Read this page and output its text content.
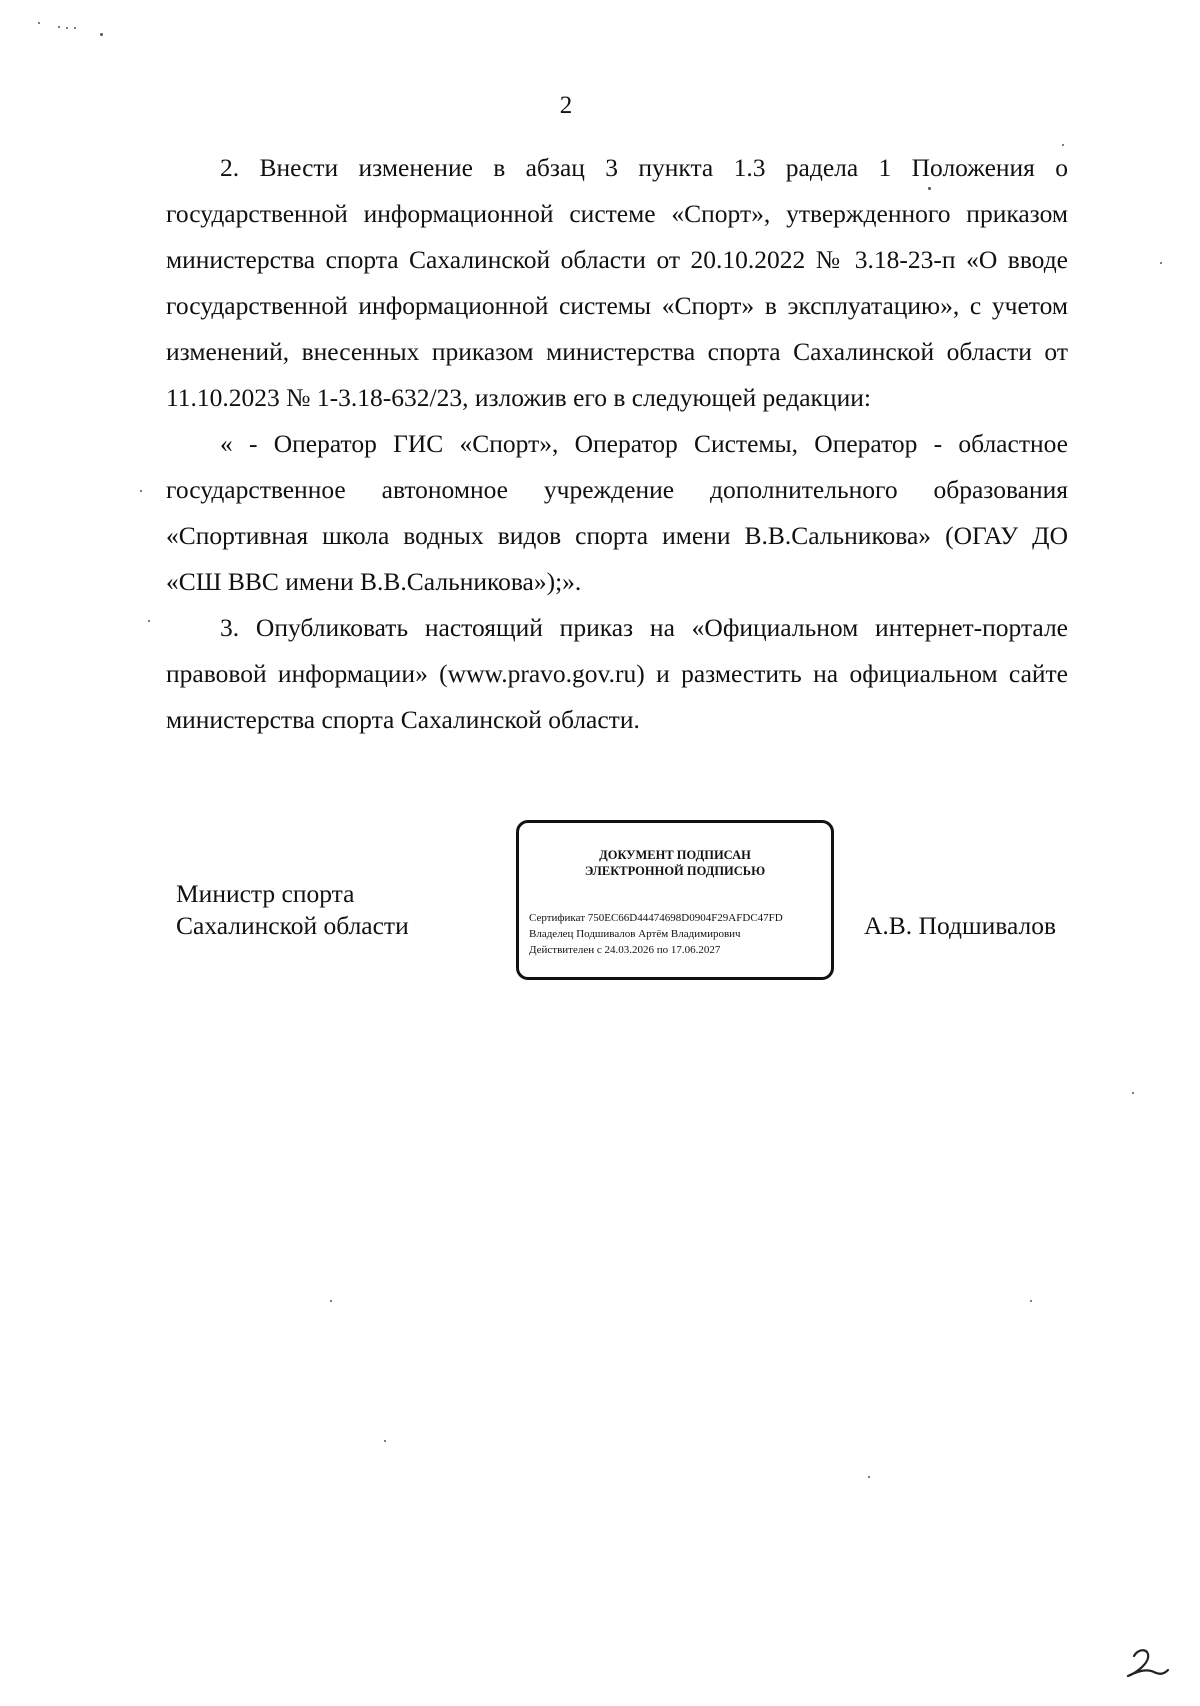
2

2. Внести изменение в абзац 3 пункта 1.3 радела 1 Положения о государственной информационной системе «Спорт», утвержденного приказом министерства спорта Сахалинской области от 20.10.2022 № 3.18-23-п «О вводе государственной информационной системы «Спорт» в эксплуатацию», с учетом изменений, внесенных приказом министерства спорта Сахалинской области от 11.10.2023 № 1-3.18-632/23, изложив его в следующей редакции:

« - Оператор ГИС «Спорт», Оператор Системы, Оператор - областное государственное автономное учреждение дополнительного образования «Спортивная школа водных видов спорта имени В.В.Сальникова» (ОГАУ ДО «СШ ВВС имени В.В.Сальникова»);».

3. Опубликовать настоящий приказ на «Официальном интернет-портале правовой информации» (www.pravo.gov.ru) и разместить на официальном сайте министерства спорта Сахалинской области.

Министр спорта
Сахалинской области
ДОКУМЕНТ ПОДПИСАН
ЭЛЕКТРОННОЙ ПОДПИСЬЮ
Сертификат 750EC66D44474698D0904F29AFDC47FD
Владелец Подшивалов Артём Владимирович
Действителен с 24.03.2026 по 17.06.2027
А.В. Подшивалов
